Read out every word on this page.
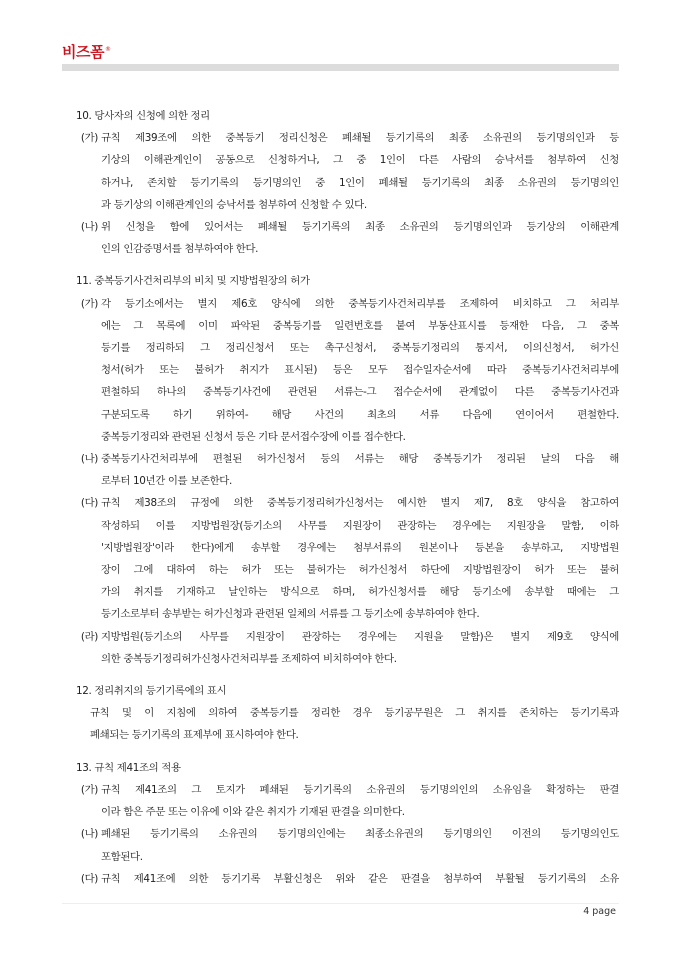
비즈폼®
10. 당사자의 신청에 의한 정리
(가) 규칙 제39조에 의한 중복등기 정리신청은 폐쇄될 등기기록의 최종 소유권의 등기명의인과 등
기상의 이해관계인이 공동으로 신청하거나, 그 중 1인이 다른 사람의 승낙서를 첨부하여 신청
하거나, 존치할 등기기록의 등기명의인 중 1인이 폐쇄될 등기기록의 최종 소유권의 등기명의인
과 등기상의 이해관계인의 승낙서를 첨부하여 신청할 수 있다.
(나) 위 신청을 함에 있어서는 폐쇄될 등기기록의 최종 소유권의 등기명의인과 등기상의 이해관계
인의 인감증명서를 첨부하여야 한다.
11. 중복등기사건처리부의 비치 및 지방법원장의 허가
(가) 각 등기소에서는 별지 제6호 양식에 의한 중복등기사건처리부를 조제하여 비치하고 그 처리부
에는 그 목록에 이미 파악된 중복등기를 일련번호를 붙여 부동산표시를 등재한 다음, 그 중복
등기를 정리하되 그 정리신청서 또는 촉구신청서, 중복등기정리의 통지서, 이의신청서, 허가신
청서(허가 또는 불허가 취지가 표시된) 등은 모두 접수일자순서에 따라 중복등기사건처리부에
편철하되 하나의 중복등기사건에 관련된 서류는-그 접수순서에 관계없이 다른 중복등기사건과
구분되도록 하기 위하여- 해당 사건의 최초의 서류 다음에 연이어서 편철한다.
중복등기정리와 관련된 신청서 등은 기타 문서접수장에 이를 접수한다.
(나) 중복등기사건처리부에 편철된 허가신청서 등의 서류는 해당 중복등기가 정리된 날의 다음 해
로부터 10년간 이를 보존한다.
(다) 규칙 제38조의 규정에 의한 중복등기정리허가신청서는 예시한 별지 제7, 8호 양식을 참고하여
작성하되 이를 지방법원장(등기소의 사무를 지원장이 관장하는 경우에는 지원장을 말함, 이하
'지방법원장'이라 한다)에게 송부할 경우에는 첨부서류의 원본이나 등본을 송부하고, 지방법원
장이 그에 대하여 하는 허가 또는 불허가는 허가신청서 하단에 지방법원장이 허가 또는 불허
가의 취지를 기재하고 날인하는 방식으로 하며, 허가신청서를 해당 등기소에 송부할 때에는 그
등기소로부터 송부받는 허가신청과 관련된 일체의 서류를 그 등기소에 송부하여야 한다.
(라) 지방법원(등기소의 사무를 지원장이 관장하는 경우에는 지원을 말함)은 별지 제9호 양식에
의한 중복등기정리허가신청사건처리부를 조제하여 비치하여야 한다.
12. 정리취지의 등기기록에의 표시
규칙 및 이 지침에 의하여 중복등기를 정리한 경우 등기공무원은 그 취지를 존치하는 등기기록과
폐쇄되는 등기기록의 표제부에 표시하여야 한다.
13. 규칙 제41조의 적용
(가) 규칙 제41조의 그 토지가 폐쇄된 등기기록의 소유권의 등기명의인의 소유임을 확정하는 판결
이라 함은 주문 또는 이유에 이와 같은 취지가 기재된 판결을 의미한다.
(나) 폐쇄된 등기기록의 소유권의 등기명의인에는 최종소유권의 등기명의인 이전의 등기명의인도
포함된다.
(다) 규칙 제41조에 의한 등기기록 부활신청은 위와 같은 판결을 첨부하여 부활될 등기기록의 소유
4 page
